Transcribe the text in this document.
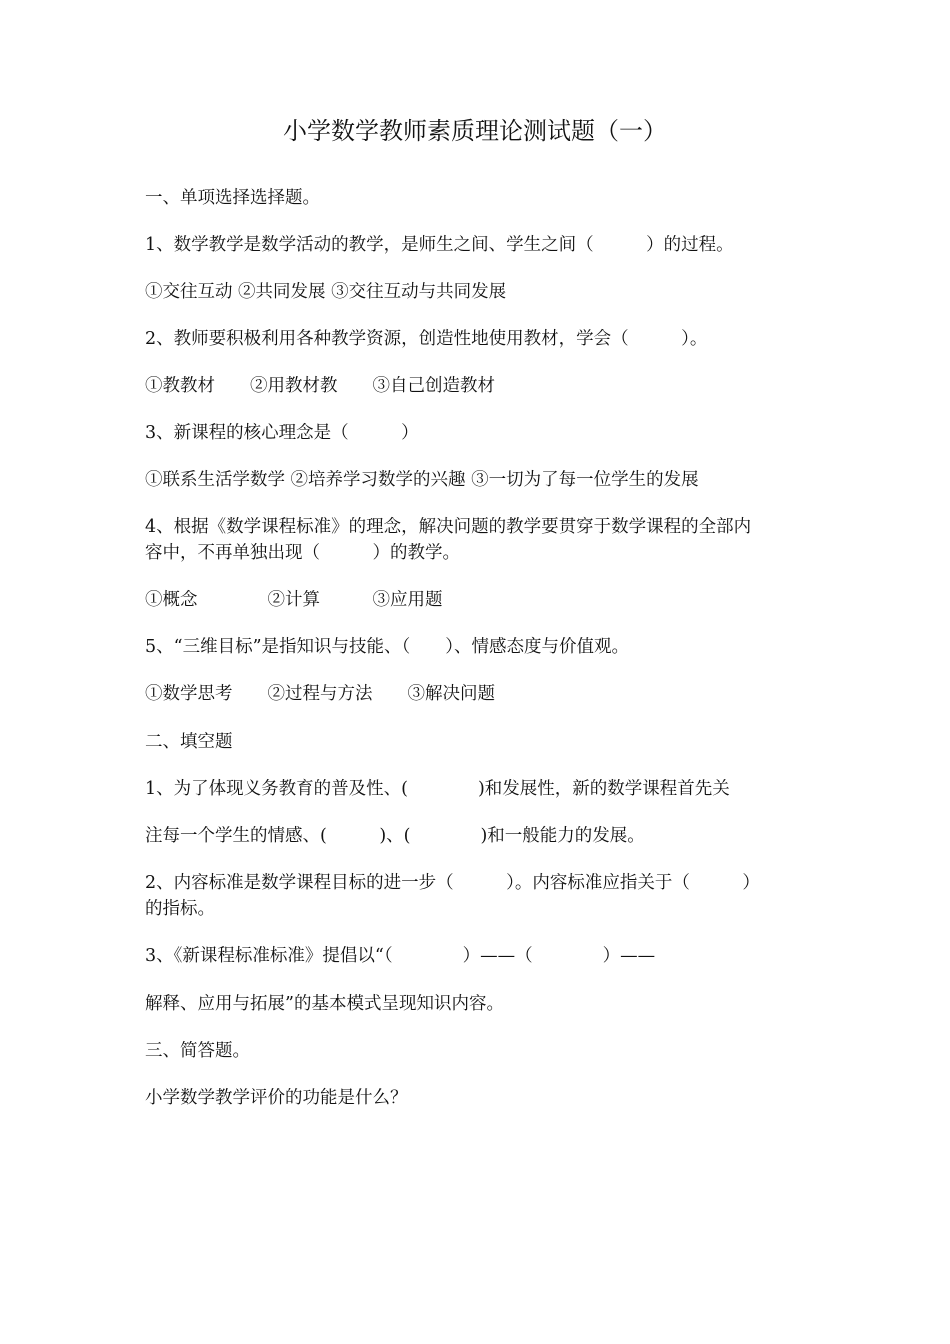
小学数学教师素质理论测试题（一）
一、单项选择选择题。
1、数学教学是数学活动的教学，是师生之间、学生之间（　　　）的过程。
①交往互动 ②共同发展 ③交往互动与共同发展
2、教师要积极利用各种教学资源，创造性地使用教材，学会（　　　）。
①教教材　　②用教材教　　③自己创造教材
3、新课程的核心理念是（　　　）
①联系生活学数学 ②培养学习数学的兴趣 ③一切为了每一位学生的发展
4、根据《数学课程标准》的理念，解决问题的教学要贯穿于数学课程的全部内
容中，不再单独出现（　　　）的教学。
①概念　　　　②计算　　　③应用题
5、“三维目标”是指知识与技能、（　　）、情感态度与价值观。
①数学思考　　②过程与方法　　③解决问题
二、填空题
1、为了体现义务教育的普及性、(　　　　)和发展性，新的数学课程首先关
注每一个学生的情感、(　　　)、(　　　　)和一般能力的发展。
2、内容标准是数学课程目标的进一步（　　　）。内容标准应指关于（　　　）
的指标。
3、《新课程标准标准》提倡以“（　　　　）——（　　　　）——
解释、应用与拓展”的基本模式呈现知识内容。
三、简答题。
小学数学教学评价的功能是什么？
